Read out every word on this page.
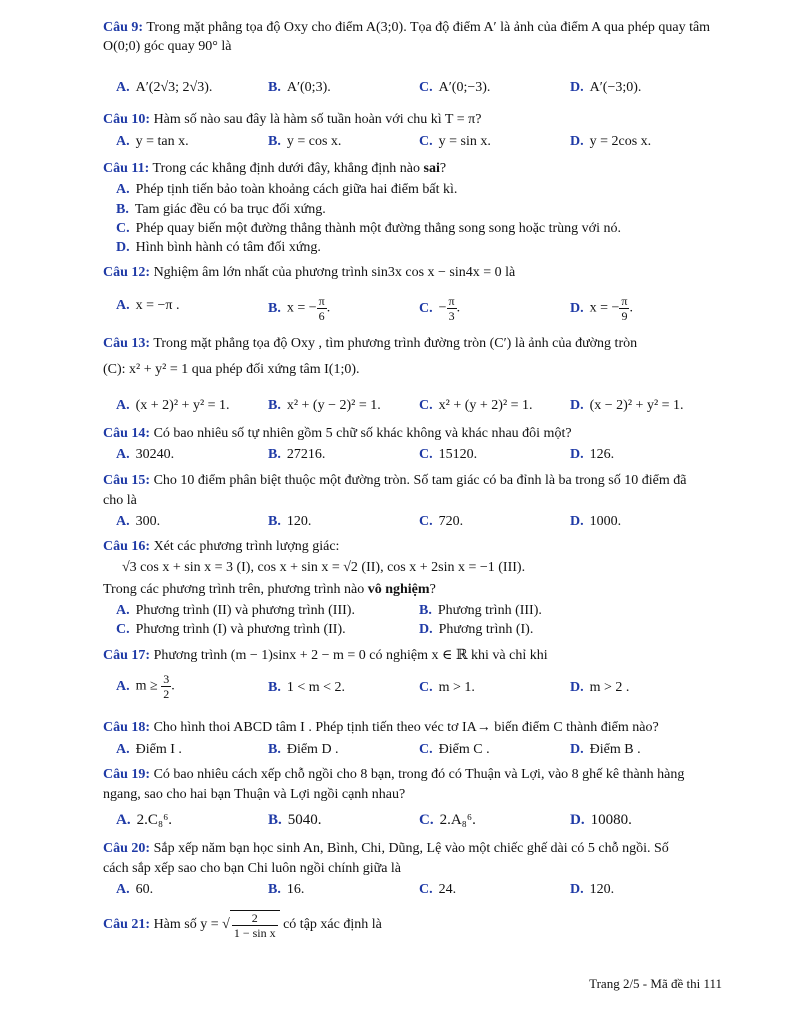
Câu 9: Trong mặt phẳng tọa độ Oxy cho điểm A(3;0). Tọa độ điểm A′ là ảnh của điểm A qua phép quay tâm O(0;0) góc quay 90° là
A. A′(2√3; 2√3).	B. A′(0;3).	C. A′(0;−3).	D. A′(−3;0).
Câu 10: Hàm số nào sau đây là hàm số tuần hoàn với chu kì T = π?
A. y = tan x.	B. y = cos x.	C. y = sin x.	D. y = 2cos x.
Câu 11: Trong các khẳng định dưới đây, khẳng định nào sai?
A. Phép tịnh tiến bảo toàn khoảng cách giữa hai điểm bất kì.
B. Tam giác đều có ba trục đối xứng.
C. Phép quay biến một đường thẳng thành một đường thẳng song song hoặc trùng với nó.
D. Hình bình hành có tâm đối xứng.
Câu 12: Nghiệm âm lớn nhất của phương trình sin3x cos x − sin4x = 0 là
A. x = −π .	B. x = − $\frac{\pi}{6}$ .	C. − $\frac{\pi}{3}$ .	D. x = − $\frac{\pi}{9}$ .
Câu 13: Trong mặt phẳng tọa độ Oxy , tìm phương trình đường tròn (C′) là ảnh của đường tròn
(C): x² + y² = 1 qua phép đối xứng tâm I(1;0).
A. (x + 2)² + y² = 1.	B. x² + (y − 2)² = 1.	C. x² + (y + 2)² = 1.	D. (x − 2)² + y² = 1.
Câu 14: Có bao nhiêu số tự nhiên gồm 5 chữ số khác không và khác nhau đôi một?
A. 30240.	B. 27216.	C. 15120.	D. 126.
Câu 15: Cho 10 điểm phân biệt thuộc một đường tròn. Số tam giác có ba đỉnh là ba trong số 10 điểm đã
cho là
A. 300.	B. 120.	C. 720.	D. 1000.
Câu 16: Xét các phương trình lượng giác:
√3 cos x + sin x = 3 (I), cos x + sin x = √2 (II), cos x + 2sin x = −1 (III).
Trong các phương trình trên, phương trình nào vô nghiệm?
A. Phương trình (II) và phương trình (III).	B. Phương trình (III).
C. Phương trình (I) và phương trình (II).	D. Phương trình (I).
Câu 17: Phương trình (m − 1)sinx + 2 − m = 0 có nghiệm x ∈ ℝ khi và chỉ khi
A. $m \ge \frac{3}{2}$ .	B. 1 < m < 2.	C. m > 1.	D. m > 2 .
Câu 18: Cho hình thoi ABCD tâm I . Phép tịnh tiến theo véc tơ IA→ biến điểm C thành điểm nào?
A. Điểm I .	B. Điểm D .	C. Điểm C .	D. Điểm B .
Câu 19: Có bao nhiêu cách xếp chỗ ngồi cho 8 bạn, trong đó có Thuận và Lợi, vào 8 ghế kê thành hàng
ngang, sao cho hai bạn Thuận và Lợi ngồi cạnh nhau?
A. 2.C₈⁶.	B. 5040.	C. 2.A₈⁶.	D. 10080.
Câu 20: Sắp xếp năm bạn học sinh An, Bình, Chi, Dũng, Lệ vào một chiếc ghế dài có 5 chỗ ngồi. Số
cách sắp xếp sao cho bạn Chi luôn ngồi chính giữa là
A. 60.	B. 16.	C. 24.	D. 120.
Câu 21: Hàm số y = √ $\frac{2}{\text{1 − sin x}}$ có tập xác định là
Trang 2/5 - Mã đề thi 111
